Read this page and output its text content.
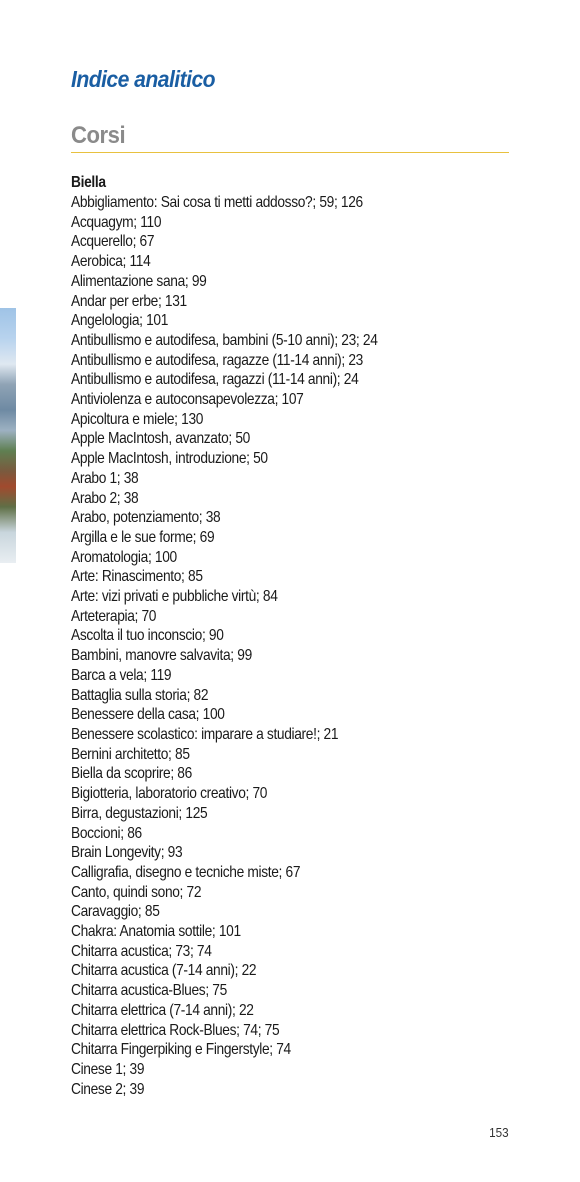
Indice analitico
Corsi
Biella
Abbigliamento: Sai cosa ti metti addosso?; 59; 126
Acquagym; 110
Acquerello; 67
Aerobica; 114
Alimentazione sana; 99
Andar per erbe; 131
Angelologia; 101
Antibullismo e autodifesa, bambini (5-10 anni); 23; 24
Antibullismo e autodifesa, ragazze (11-14 anni); 23
Antibullismo e autodifesa, ragazzi (11-14 anni); 24
Antiviolenza e autoconsapevolezza; 107
Apicoltura e miele; 130
Apple MacIntosh, avanzato; 50
Apple MacIntosh, introduzione; 50
Arabo 1; 38
Arabo 2; 38
Arabo, potenziamento; 38
Argilla e le sue forme; 69
Aromatologia; 100
Arte: Rinascimento; 85
Arte: vizi privati e pubbliche virtù; 84
Arteterapia; 70
Ascolta il tuo inconscio; 90
Bambini, manovre salvavita; 99
Barca a vela; 119
Battaglia sulla storia; 82
Benessere della casa; 100
Benessere scolastico: imparare a studiare!; 21
Bernini architetto; 85
Biella da scoprire; 86
Bigiotteria, laboratorio creativo; 70
Birra, degustazioni; 125
Boccioni; 86
Brain Longevity; 93
Calligrafia, disegno e tecniche miste; 67
Canto, quindi sono; 72
Caravaggio; 85
Chakra: Anatomia sottile; 101
Chitarra acustica; 73; 74
Chitarra acustica (7-14 anni); 22
Chitarra acustica-Blues; 75
Chitarra elettrica (7-14 anni); 22
Chitarra elettrica Rock-Blues; 74; 75
Chitarra Fingerpiking e Fingerstyle; 74
Cinese 1; 39
Cinese 2; 39
153
